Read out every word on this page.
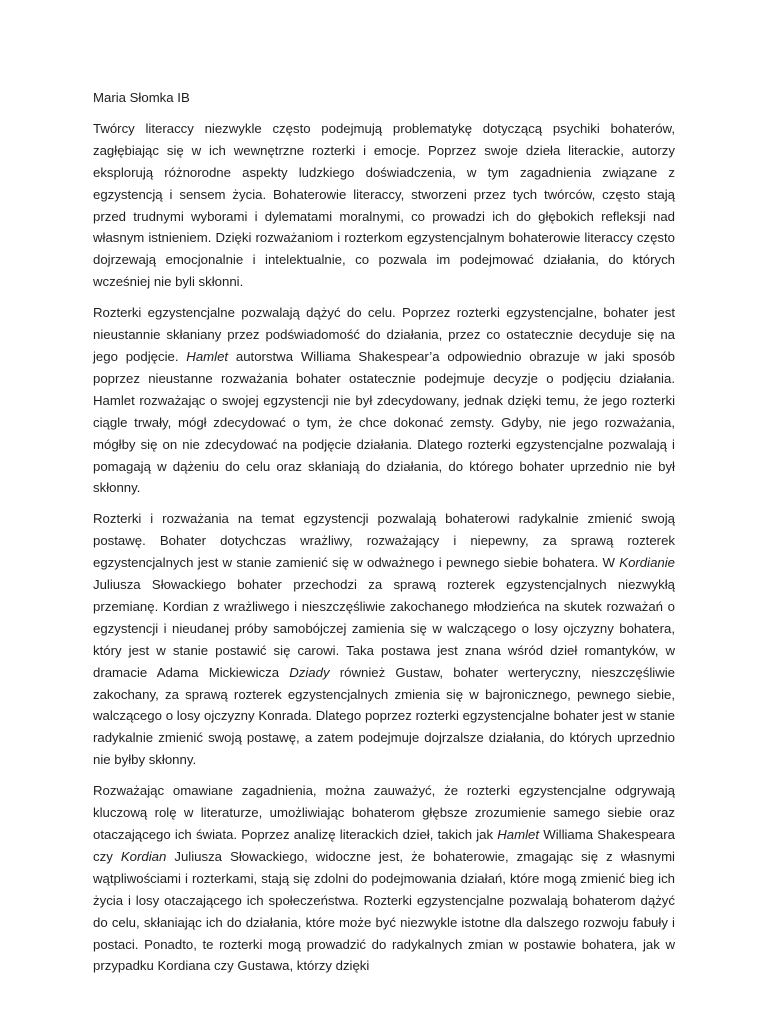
Maria Słomka IB

Twórcy literaccy niezwykle często podejmują problematykę dotyczącą psychiki bohaterów, zagłębiając się w ich wewnętrzne rozterki i emocje. Poprzez swoje dzieła literackie, autorzy eksplorują różnorodne aspekty ludzkiego doświadczenia, w tym zagadnienia związane z egzystencją i sensem życia. Bohaterowie literaccy, stworzeni przez tych twórców, często stają przed trudnymi wyborami i dylematami moralnymi, co prowadzi ich do głębokich refleksji nad własnym istnieniem. Dzięki rozważaniom i rozterkom egzystencjalnym bohaterowie literaccy często dojrzewają emocjonalnie i intelektualnie, co pozwala im podejmować działania, do których wcześniej nie byli skłonni.

Rozterki egzystencjalne pozwalają dążyć do celu. Poprzez rozterki egzystencjalne, bohater jest nieustannie skłaniany przez podświadomość do działania, przez co ostatecznie decyduje się na jego podjęcie. Hamlet autorstwa Williama Shakespear’a odpowiednio obrazuje w jaki sposób poprzez nieustanne rozważania bohater ostatecznie podejmuje decyzje o podjęciu działania. Hamlet rozważając o swojej egzystencji nie był zdecydowany, jednak dzięki temu, że jego rozterki ciągle trwały, mógł zdecydować o tym, że chce dokonać zemsty. Gdyby, nie jego rozważania, mógłby się on nie zdecydować na podjęcie działania. Dlatego rozterki egzystencjalne pozwalają i pomagają w dążeniu do celu oraz skłaniają do działania, do którego bohater uprzednio nie był skłonny.

Rozterki i rozważania na temat egzystencji pozwalają bohaterowi radykalnie zmienić swoją postawę. Bohater dotychczas wrażliwy, rozważający i niepewny, za sprawą rozterek egzystencjalnych jest w stanie zamienić się w odważnego i pewnego siebie bohatera. W Kordianie Juliusza Słowackiego bohater przechodzi za sprawą rozterek egzystencjalnych niezwykłą przemianę. Kordian z wrażliwego i nieszczęśliwie zakochanego młodzieńca na skutek rozważań o egzystencji i nieudanej próby samobójczej zamienia się w walczącego o losy ojczyzny bohatera, który jest w stanie postawić się carowi. Taka postawa jest znana wśród dzieł romantyków, w dramacie Adama Mickiewicza Dziady również Gustaw, bohater werteryczny, nieszczęśliwie zakochany, za sprawą rozterek egzystencjalnych zmienia się w bajronicznego, pewnego siebie, walczącego o losy ojczyzny Konrada. Dlatego poprzez rozterki egzystencjalne bohater jest w stanie radykalnie zmienić swoją postawę, a zatem podejmuje dojrzalsze działania, do których uprzednio nie byłby skłonny.

Rozważając omawiane zagadnienia, można zauważyć, że rozterki egzystencjalne odgrywają kluczową rolę w literaturze, umożliwiając bohaterom głębsze zrozumienie samego siebie oraz otaczającego ich świata. Poprzez analizę literackich dzieł, takich jak Hamlet Williama Shakespeara czy Kordian Juliusza Słowackiego, widoczne jest, że bohaterowie, zmagając się z własnymi wątpliwościami i rozterkami, stają się zdolni do podejmowania działań, które mogą zmienić bieg ich życia i losy otaczającego ich społeczeństwa. Rozterki egzystencjalne pozwalają bohaterom dążyć do celu, skłaniając ich do działania, które może być niezwykle istotne dla dalszego rozwoju fabuły i postaci. Ponadto, te rozterki mogą prowadzić do radykalnych zmian w postawie bohatera, jak w przypadku Kordiana czy Gustawa, którzy dzięki
